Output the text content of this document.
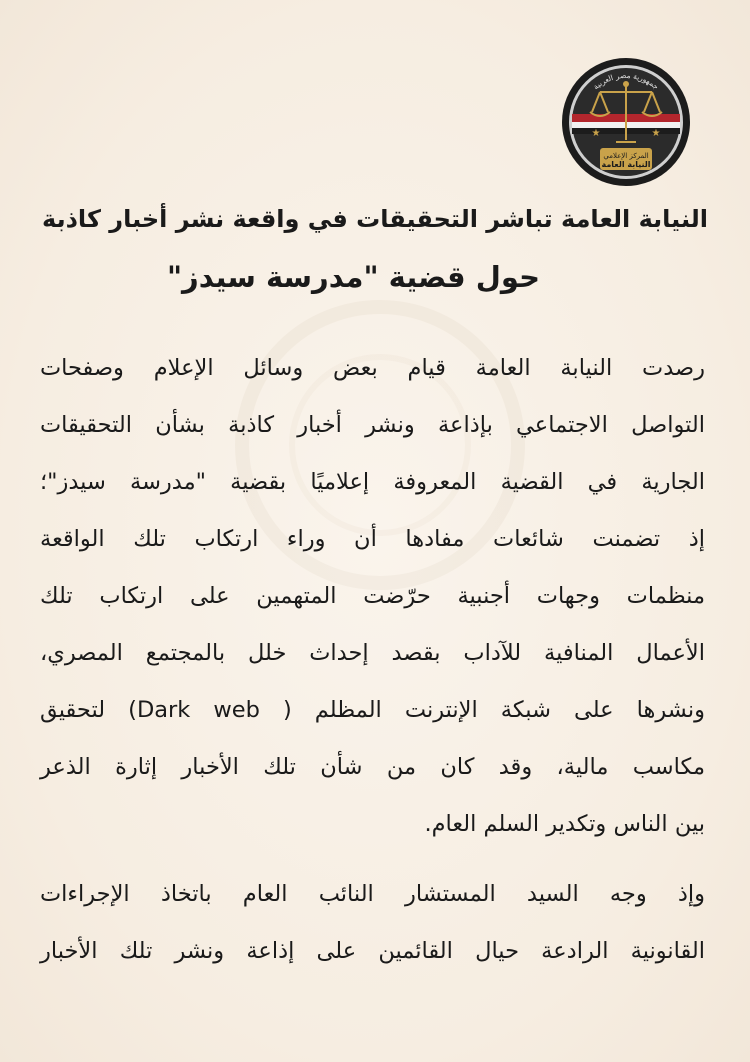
★	★
المركز الإعلامي
النيابة العامة
جمهورية مصر العربية
النيابة العامة تباشر التحقيقات في واقعة نشر أخبار كاذبة
حول قضية "مدرسة سيدز"

رصدت النيابة العامة قيام بعض وسائل الإعلام وصفحات
التواصل الاجتماعي بإذاعة ونشر أخبار كاذبة بشأن التحقيقات
الجارية في القضية المعروفة إعلاميًا بقضية "مدرسة سيدز"؛
إذ تضمنت شائعات مفادها أن وراء ارتكاب تلك الواقعة
منظمات وجهات أجنبية حرّضت المتهمين على ارتكاب تلك
الأعمال المنافية للآداب بقصد إحداث خلل بالمجتمع المصري،
ونشرها على شبكة الإنترنت المظلم ( Dark web) لتحقيق
مكاسب مالية، وقد كان من شأن تلك الأخبار إثارة الذعر
بين الناس وتكدير السلم العام.

وإذ وجه السيد المستشار النائب العام باتخاذ الإجراءات
القانونية الرادعة حيال القائمين على إذاعة ونشر تلك الأخبار
